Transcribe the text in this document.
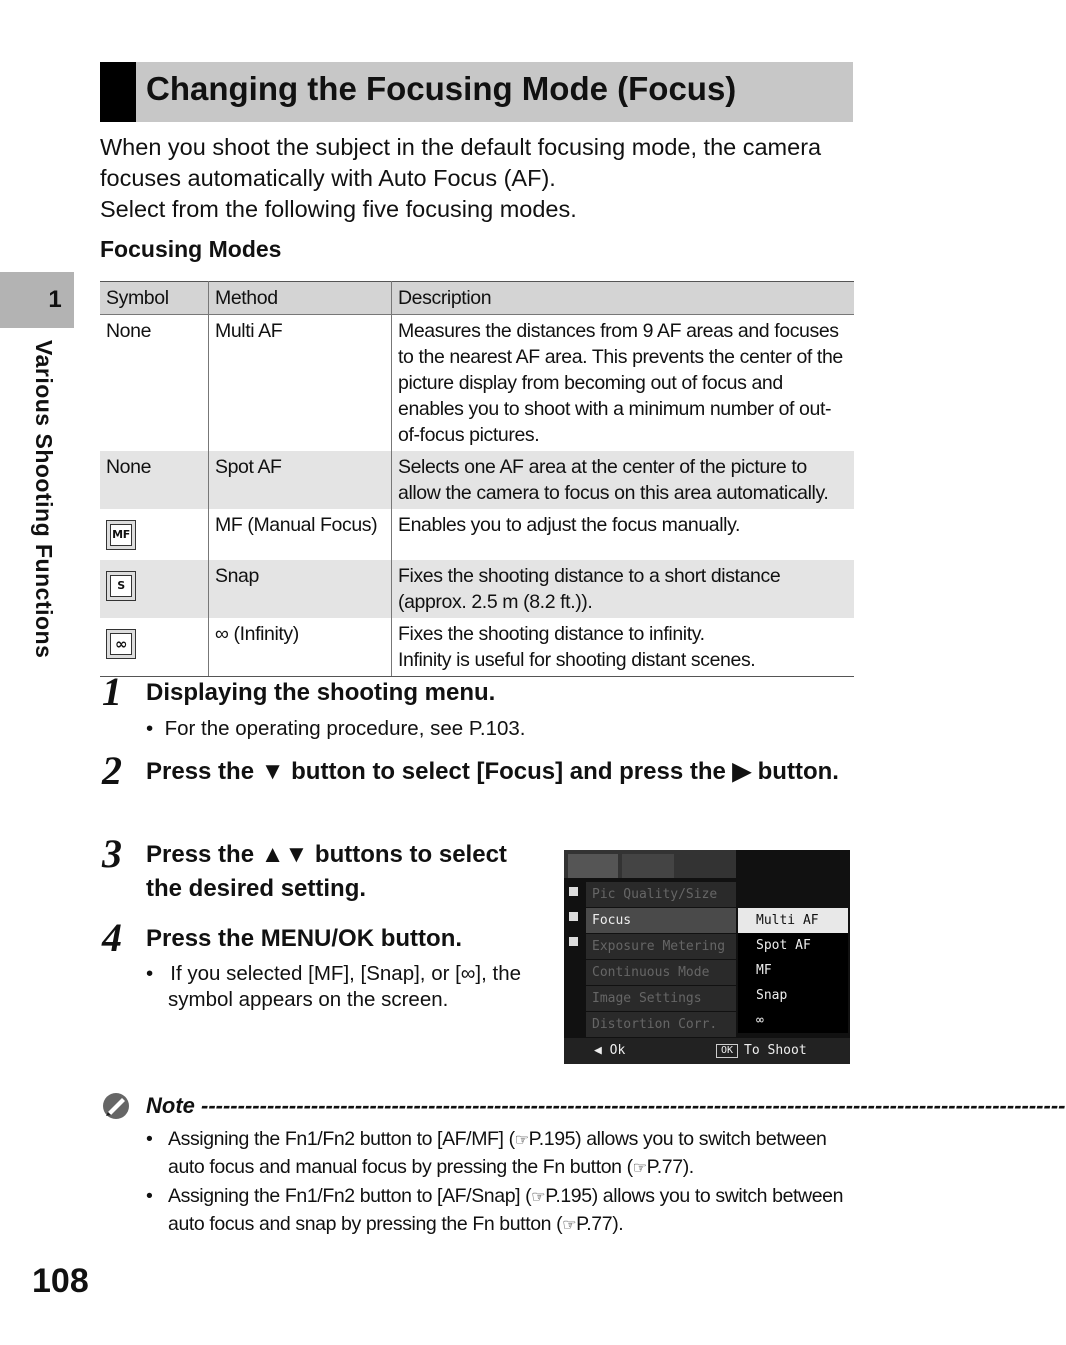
1
Various Shooting Functions
Changing the Focusing Mode (Focus)

When you shoot the subject in the default focusing mode, the camera focuses automatically with Auto Focus (AF).

Select from the following five focusing modes.

Focusing Modes
Symbol	Method	Description
None	Multi AF	Measures the distances from 9 AF areas and focuses to the nearest AF area. This prevents the center of the picture display from becoming out of focus and enables you to shoot with a minimum number of out-of-focus pictures.
None	Spot AF	Selects one AF area at the center of the picture to allow the camera to focus on this area automatically.

MF	MF (Manual Focus)	Enables you to adjust the focus manually.

S	Snap	Fixes the shooting distance to a short distance (approx. 2.5 m (8.2 ft.)).

∞	∞ (Infinity)	Fixes the shooting distance to infinity.
Infinity is useful for shooting distant scenes.
1 Displaying the shooting menu.
•  For the operating procedure, see P.103.
2 Press the ▼ button to select [Focus] and press the ▶ button.
3 Press the ▲▼ buttons to select the desired setting.
4 Press the MENU/OK button.
•   If you selected [MF], [Snap], or [∞], the symbol appears on the screen.
Pic Quality/Size
Focus
Exposure Metering
Continuous Mode
Image Settings
Distortion Corr.
Multi AF
Spot AF
MF
Snap
∞
◀ Ok	OK To Shoot
Note ----------------------------------------------------------------------------------------------------------------------
• Assigning the Fn1/Fn2 button to [AF/MF] (☞P.195) allows you to switch between auto focus and manual focus by pressing the Fn button (☞P.77).
• Assigning the Fn1/Fn2 button to [AF/Snap] (☞P.195) allows you to switch between auto focus and snap by pressing the Fn button (☞P.77).
108
